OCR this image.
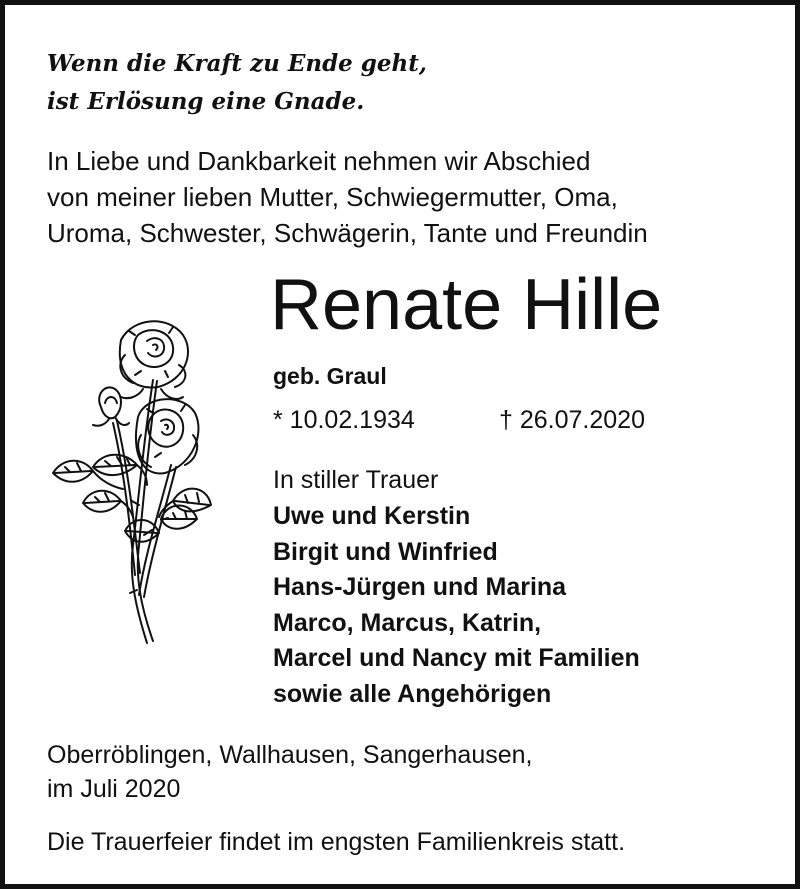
Wenn die Kraft zu Ende geht,
ist Erlösung eine Gnade.
In Liebe und Dankbarkeit nehmen wir Abschied
von meiner lieben Mutter, Schwiegermutter, Oma,
Uroma, Schwester, Schwägerin, Tante und Freundin
Renate Hille
geb. Graul
* 10.02.1934	† 26.07.2020
In stiller Trauer
Uwe und Kerstin
Birgit und Winfried
Hans-Jürgen und Marina
Marco, Marcus, Katrin,
Marcel und Nancy mit Familien
sowie alle Angehörigen
Oberröblingen, Wallhausen, Sangerhausen,
im Juli 2020
Die Trauerfeier findet im engsten Familienkreis statt.
